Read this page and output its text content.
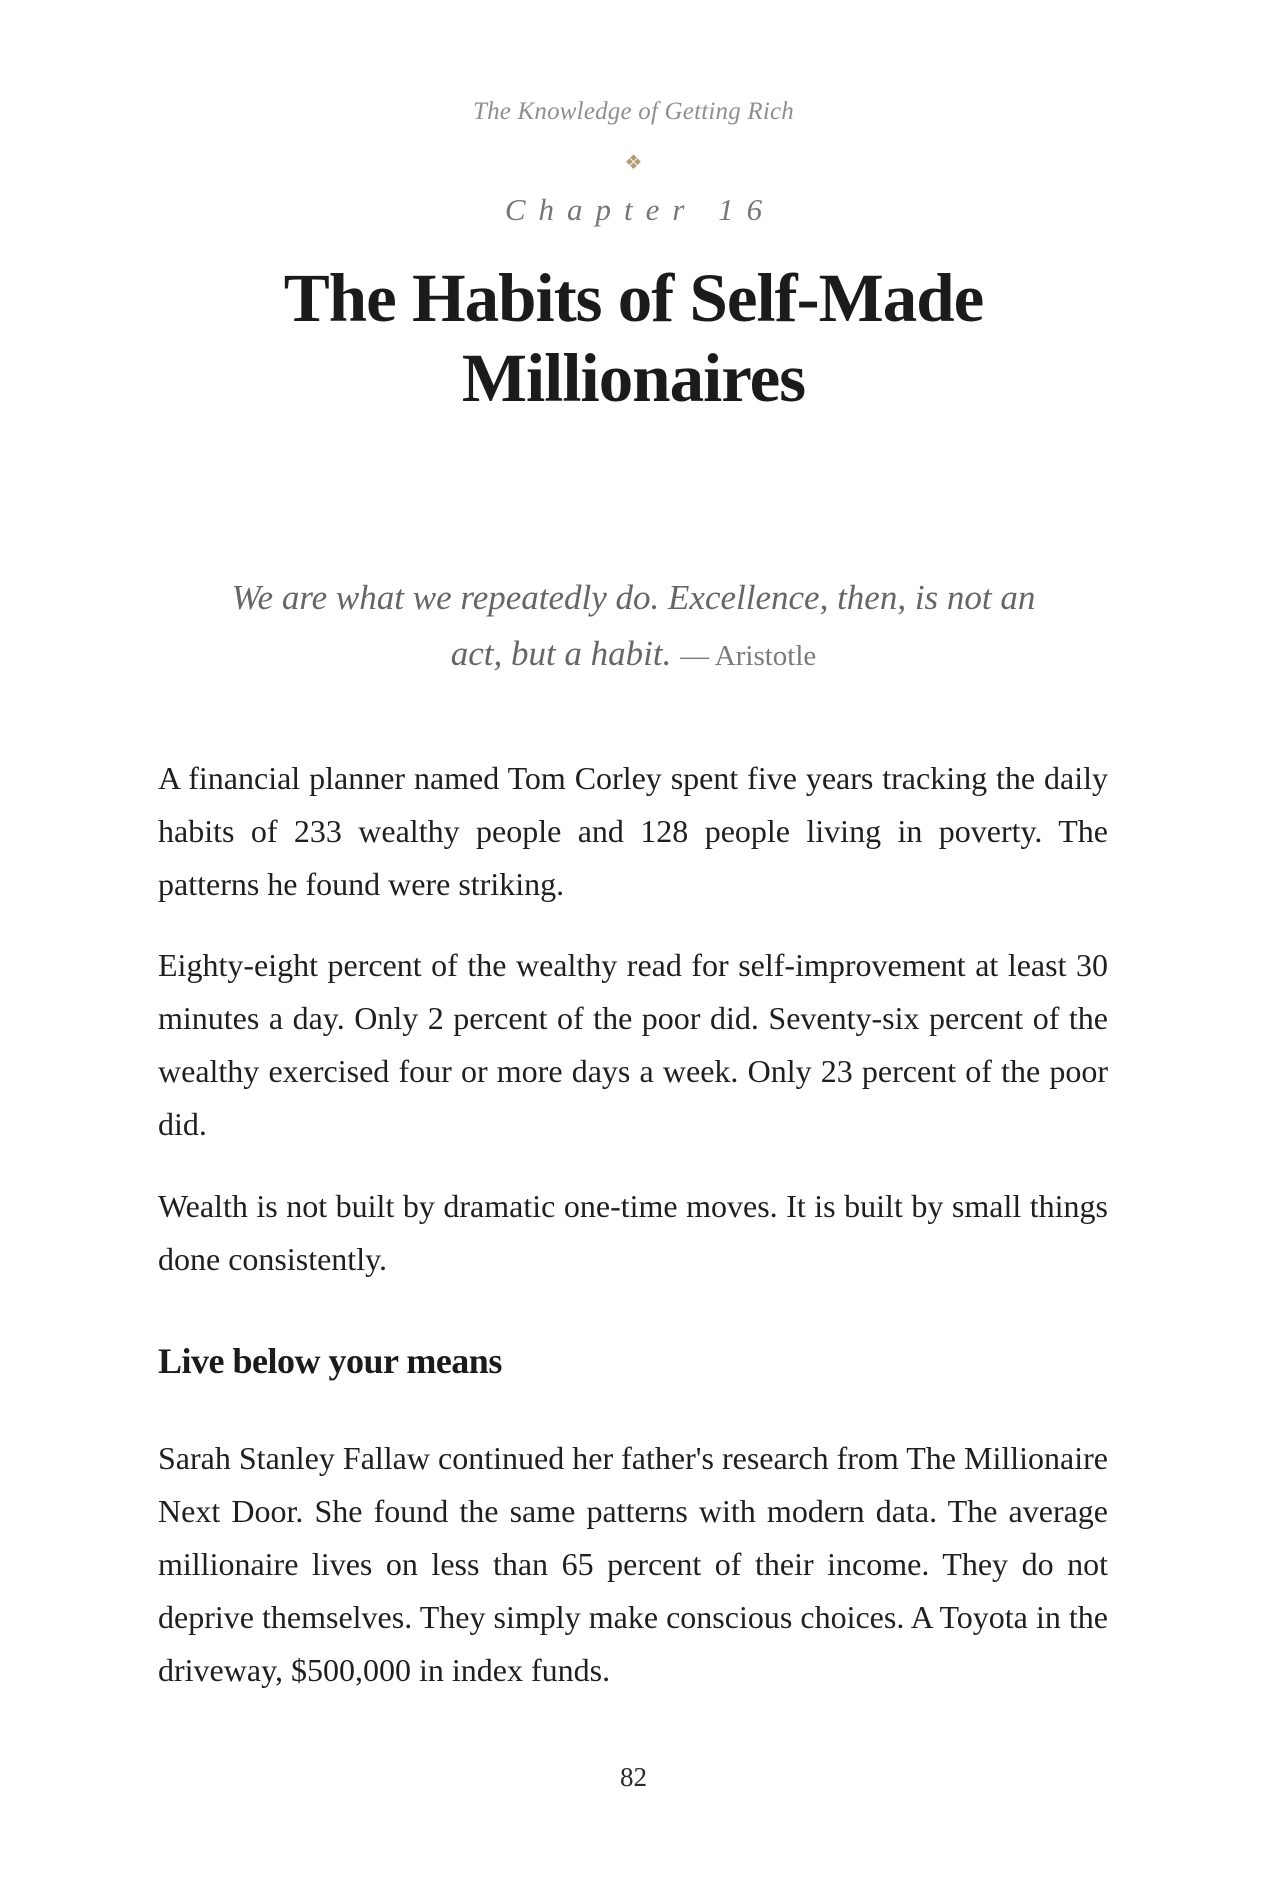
The Knowledge of Getting Rich
❖
Chapter 16
The Habits of Self-Made Millionaires
We are what we repeatedly do. Excellence, then, is not an act, but a habit. — Aristotle

A financial planner named Tom Corley spent five years tracking the daily habits of 233 wealthy people and 128 people living in poverty. The patterns he found were striking.

Eighty-eight percent of the wealthy read for self-improvement at least 30 minutes a day. Only 2 percent of the poor did. Seventy-six percent of the wealthy exercised four or more days a week. Only 23 percent of the poor did.

Wealth is not built by dramatic one-time moves. It is built by small things done consistently.

Live below your means

Sarah Stanley Fallaw continued her father's research from The Millionaire Next Door. She found the same patterns with modern data. The average millionaire lives on less than 65 percent of their income. They do not deprive themselves. They simply make conscious choices. A Toyota in the driveway, $500,000 in index funds.

82
